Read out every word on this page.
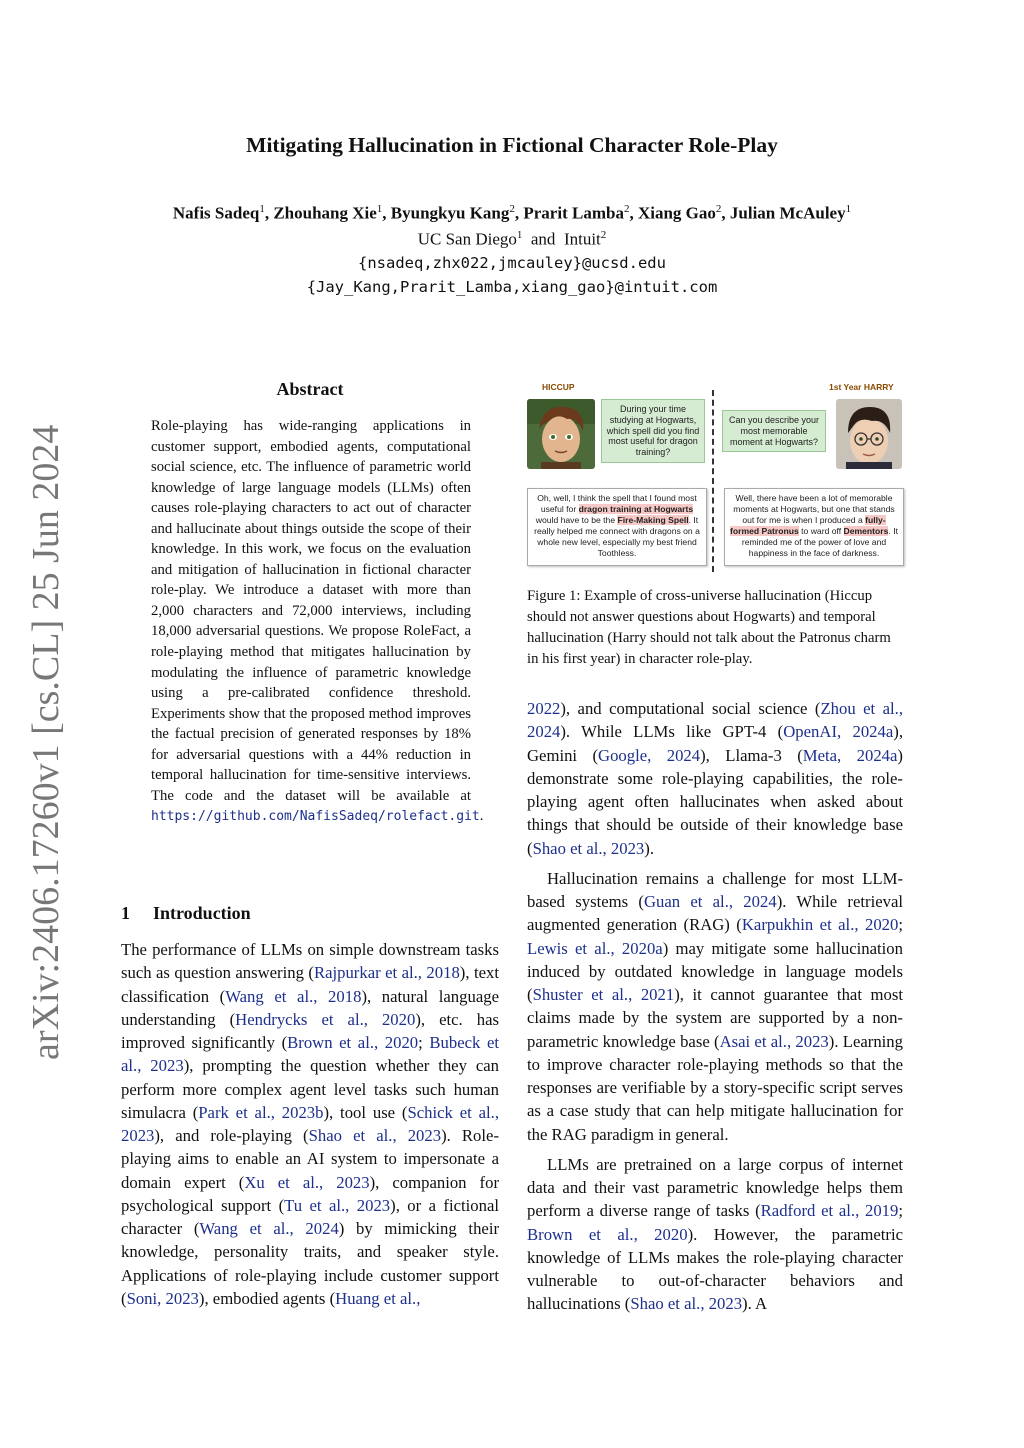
Mitigating Hallucination in Fictional Character Role-Play
Nafis Sadeq$^1$, Zhouhang Xie$^1$, Byungkyu Kang$^2$, Prarit Lamba$^2$, Xiang Gao$^2$, Julian McAuley$^1$
UC San Diego$^1$ and Intuit$^2$
{nsadeq,zhx022,jmcauley}@ucsd.edu
{Jay_Kang,Prarit_Lamba,xiang_gao}@intuit.com
arXiv:2406.17260v1 [cs.CL] 25 Jun 2024
Abstract
Role-playing has wide-ranging applications in customer support, embodied agents, computational social science, etc. The influence of parametric world knowledge of large language models (LLMs) often causes role-playing characters to act out of character and hallucinate about things outside the scope of their knowledge. In this work, we focus on the evaluation and mitigation of hallucination in fictional character role-play. We introduce a dataset with more than 2,000 characters and 72,000 interviews, including 18,000 adversarial questions. We propose RoleFact, a role-playing method that mitigates hallucination by modulating the influence of parametric knowledge using a pre-calibrated confidence threshold. Experiments show that the proposed method improves the factual precision of generated responses by 18% for adversarial questions with a 44% reduction in temporal hallucination for time-sensitive interviews. The code and the dataset will be available at https://github.com/NafisSadeq/rolefact.git.
1 Introduction

The performance of LLMs on simple downstream tasks such as question answering (Rajpurkar et al., 2018), text classification (Wang et al., 2018), natural language understanding (Hendrycks et al., 2020), etc. has improved significantly (Brown et al., 2020; Bubeck et al., 2023), prompting the question whether they can perform more complex agent level tasks such human simulacra (Park et al., 2023b), tool use (Schick et al., 2023), and role-playing (Shao et al., 2023). Role-playing aims to enable an AI system to impersonate a domain expert (Xu et al., 2023), companion for psychological support (Tu et al., 2023), or a fictional character (Wang et al., 2024) by mimicking their knowledge, personality traits, and speaker style. Applications of role-playing include customer support (Soni, 2023), embodied agents (Huang et al.,

HICCUP	1st Year HARRY
During your time studying at Hogwarts, which spell did you find most useful for dragon training?
Can you describe your most memorable moment at Hogwarts?
Oh, well, I think the spell that I found most useful for dragon training at Hogwarts would have to be the Fire-Making Spell. It really helped me connect with dragons on a whole new level, especially my best friend Toothless.
Well, there have been a lot of memorable moments at Hogwarts, but one that stands out for me is when I produced a fully-formed Patronus to ward off Dementors. It reminded me of the power of love and happiness in the face of darkness.
Figure 1: Example of cross-universe hallucination (Hiccup should not answer questions about Hogwarts) and temporal hallucination (Harry should not talk about the Patronus charm in his first year) in character role-play.

2022), and computational social science (Zhou et al., 2024). While LLMs like GPT-4 (OpenAI, 2024a), Gemini (Google, 2024), Llama-3 (Meta, 2024a) demonstrate some role-playing capabilities, the role-playing agent often hallucinates when asked about things that should be outside of their knowledge base (Shao et al., 2023).

Hallucination remains a challenge for most LLM-based systems (Guan et al., 2024). While retrieval augmented generation (RAG) (Karpukhin et al., 2020; Lewis et al., 2020a) may mitigate some hallucination induced by outdated knowledge in language models (Shuster et al., 2021), it cannot guarantee that most claims made by the system are supported by a non-parametric knowledge base (Asai et al., 2023). Learning to improve character role-playing methods so that the responses are verifiable by a story-specific script serves as a case study that can help mitigate hallucination for the RAG paradigm in general.

LLMs are pretrained on a large corpus of internet data and their vast parametric knowledge helps them perform a diverse range of tasks (Radford et al., 2019; Brown et al., 2020). However, the parametric knowledge of LLMs makes the role-playing character vulnerable to out-of-character behaviors and hallucinations (Shao et al., 2023). A
